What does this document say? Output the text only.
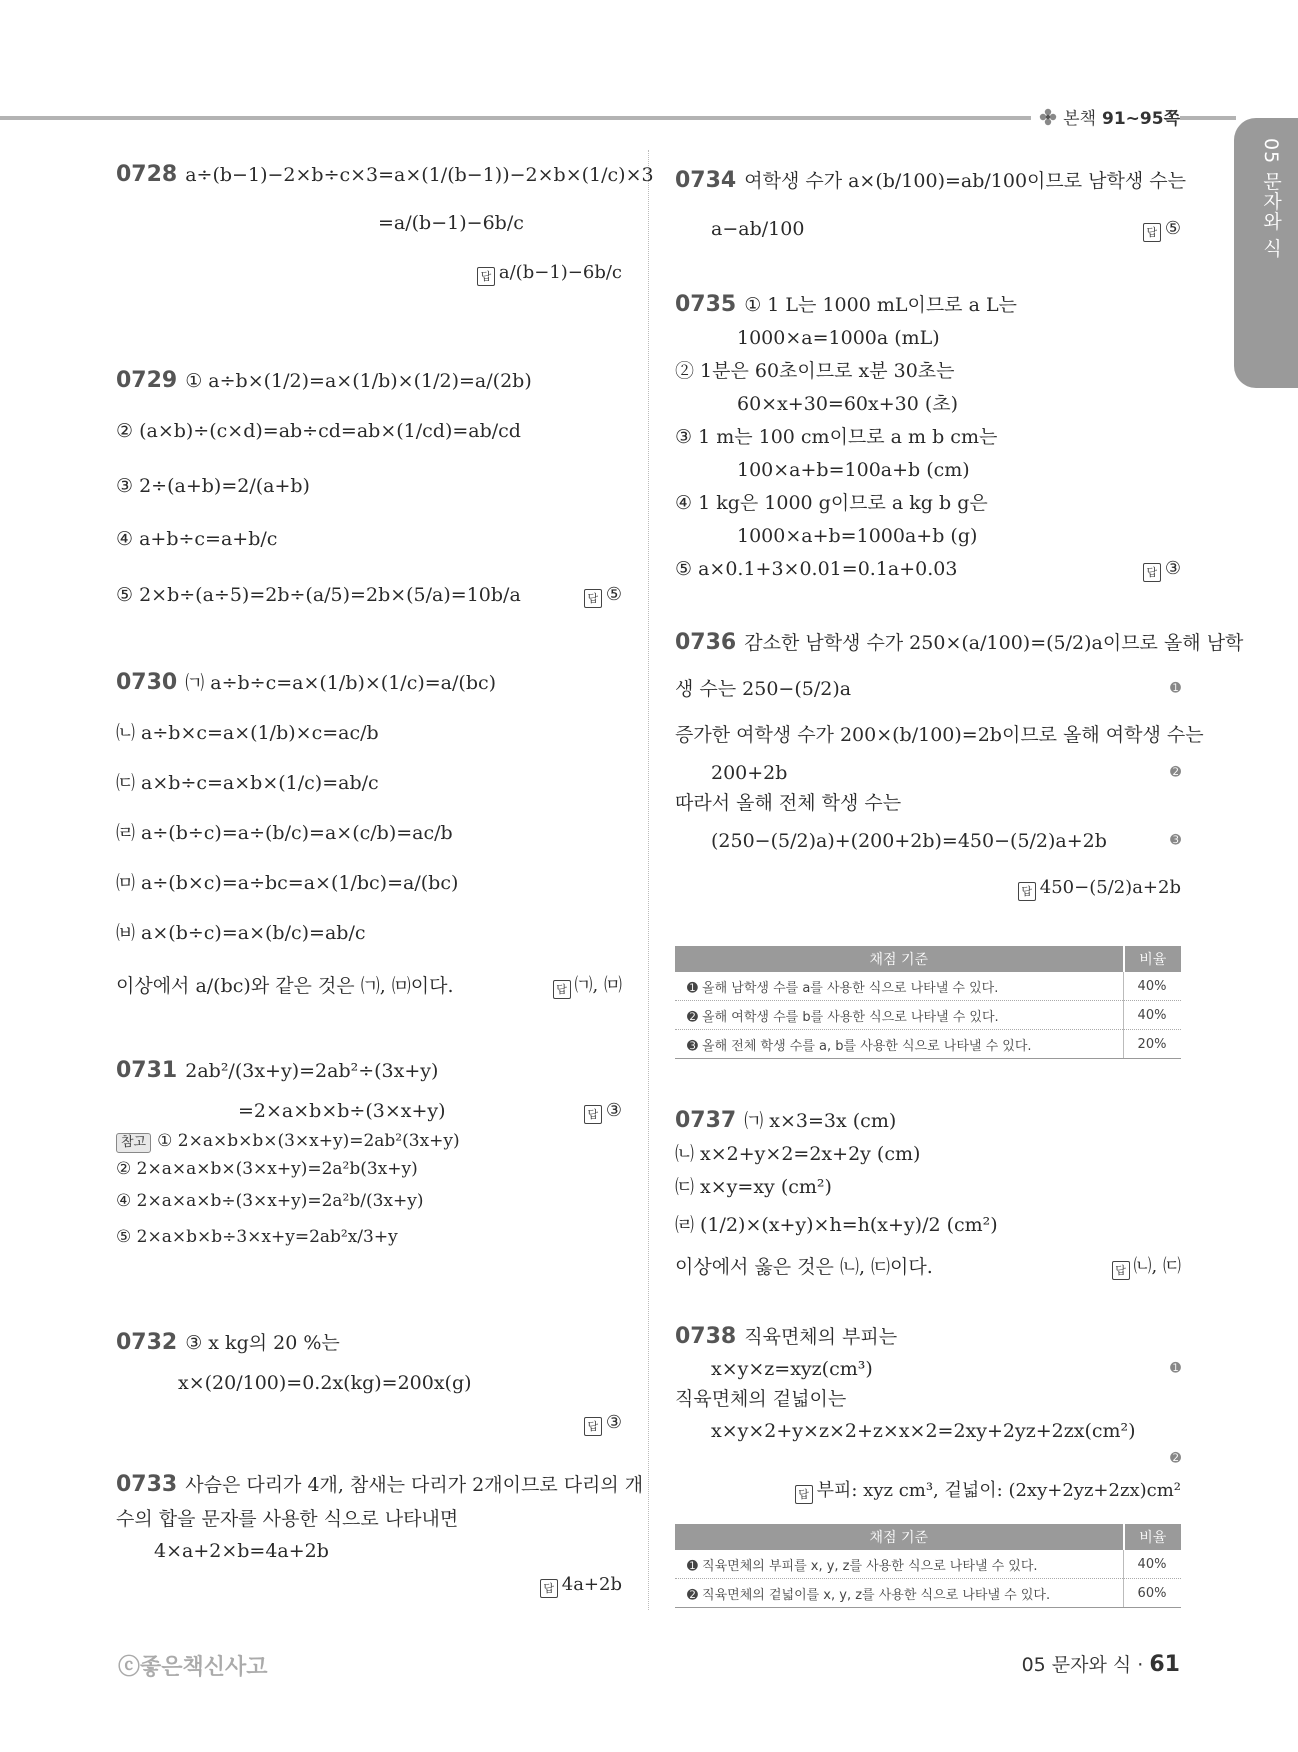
본책 91~95쪽
05 문자와 식
0728 a÷(b−1)−2×b÷c×3=a×(1/(b−1))−2×b×(1/c)×3
=a/(b−1)−6b/c
답 a/(b−1)−6b/c
0729 ① a÷b×(1/2)=a×(1/b)×(1/2)=a/(2b)
② (a×b)÷(c×d)=ab÷cd=ab×(1/cd)=ab/cd
③ 2÷(a+b)=2/(a+b)
④ a+b÷c=a+b/c
⑤ 2×b÷(a÷5)=2b÷(a/5)=2b×(5/a)=10b/a	답 ⑤
0730 ㈀ a÷b÷c=a×(1/b)×(1/c)=a/(bc)
㈁ a÷b×c=a×(1/b)×c=ac/b
㈂ a×b÷c=a×b×(1/c)=ab/c
㈃ a÷(b÷c)=a÷(b/c)=a×(c/b)=ac/b
㈄ a÷(b×c)=a÷bc=a×(1/bc)=a/(bc)
㈅ a×(b÷c)=a×(b/c)=ab/c
이상에서 a/(bc)와 같은 것은 ㈀, ㈄이다.	답 ㈀, ㈄
0731 2ab²/(3x+y)=2ab²÷(3x+y)
=2×a×b×b÷(3×x+y)	답 ③
참고 ① 2×a×b×b×(3×x+y)=2ab²(3x+y)
② 2×a×a×b×(3×x+y)=2a²b(3x+y)
④ 2×a×a×b÷(3×x+y)=2a²b/(3x+y)
⑤ 2×a×b×b÷3×x+y=2ab²x/3+y
0732 ③ x kg의 20 %는
x×(20/100)=0.2x(kg)=200x(g)
답 ③
0733 사슴은 다리가 4개, 참새는 다리가 2개이므로 다리의 개
수의 합을 문자를 사용한 식으로 나타내면
4×a+2×b=4a+2b
답 4a+2b
0734 여학생 수가 a×(b/100)=ab/100이므로 남학생 수는
a−ab/100	답 ⑤
0735 ① 1 L는 1000 mL이므로 a L는
1000×a=1000a (mL)
② 1분은 60초이므로 x분 30초는
60×x+30=60x+30 (초)
③ 1 m는 100 cm이므로 a m b cm는
100×a+b=100a+b (cm)
④ 1 kg은 1000 g이므로 a kg b g은
1000×a+b=1000a+b (g)
⑤ a×0.1+3×0.01=0.1a+0.03	답 ③
0736 감소한 남학생 수가 250×(a/100)=(5/2)a이므로 올해 남학
생 수는 250−(5/2)a	➊
증가한 여학생 수가 200×(b/100)=2b이므로 올해 여학생 수는
200+2b	➋
따라서 올해 전체 학생 수는
(250−(5/2)a)+(200+2b)=450−(5/2)a+2b	➌
답 450−(5/2)a+2b
채점 기준	비율
➊ 올해 남학생 수를 a를 사용한 식으로 나타낼 수 있다.	40%
➋ 올해 여학생 수를 b를 사용한 식으로 나타낼 수 있다.	40%
➌ 올해 전체 학생 수를 a, b를 사용한 식으로 나타낼 수 있다.	20%
0737 ㈀ x×3=3x (cm)
㈁ x×2+y×2=2x+2y (cm)
㈂ x×y=xy (cm²)
㈃ (1/2)×(x+y)×h=h(x+y)/2 (cm²)
이상에서 옳은 것은 ㈁, ㈂이다.	답 ㈁, ㈂
0738 직육면체의 부피는
x×y×z=xyz(cm³)	➊
직육면체의 겉넓이는
x×y×2+y×z×2+z×x×2=2xy+2yz+2zx(cm²)
➋
답 부피: xyz cm³, 겉넓이: (2xy+2yz+2zx)cm²
채점 기준	비율
➊ 직육면체의 부피를 x, y, z를 사용한 식으로 나타낼 수 있다.	40%
➋ 직육면체의 겉넓이를 x, y, z를 사용한 식으로 나타낼 수 있다.	60%
ⓒ좋은책신사고	05 문자와 식 · 61
